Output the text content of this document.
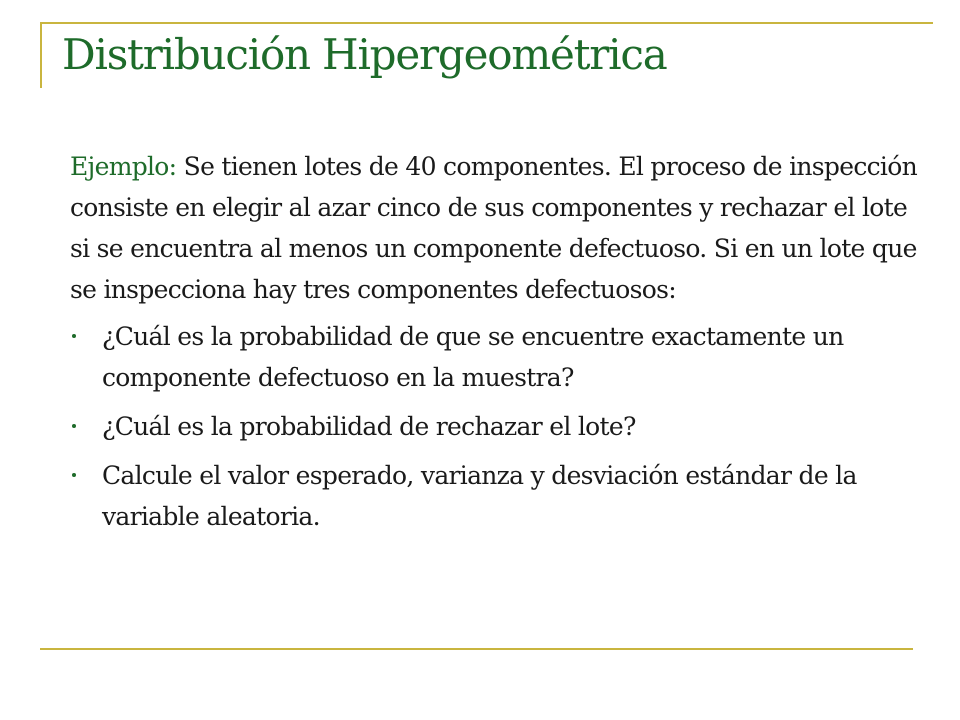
Distribución Hipergeométrica

Ejemplo: Se tienen lotes de 40 componentes. El proceso de inspección consiste en elegir al azar cinco de sus componentes y rechazar el lote si se encuentra al menos un componente defectuoso. Si en un lote que se inspecciona hay tres componentes defectuosos:

¿Cuál es la probabilidad de que se encuentre exactamente un componente defectuoso en la muestra?
¿Cuál es la probabilidad de rechazar el lote?
Calcule el valor esperado, varianza y desviación estándar de la variable aleatoria.
